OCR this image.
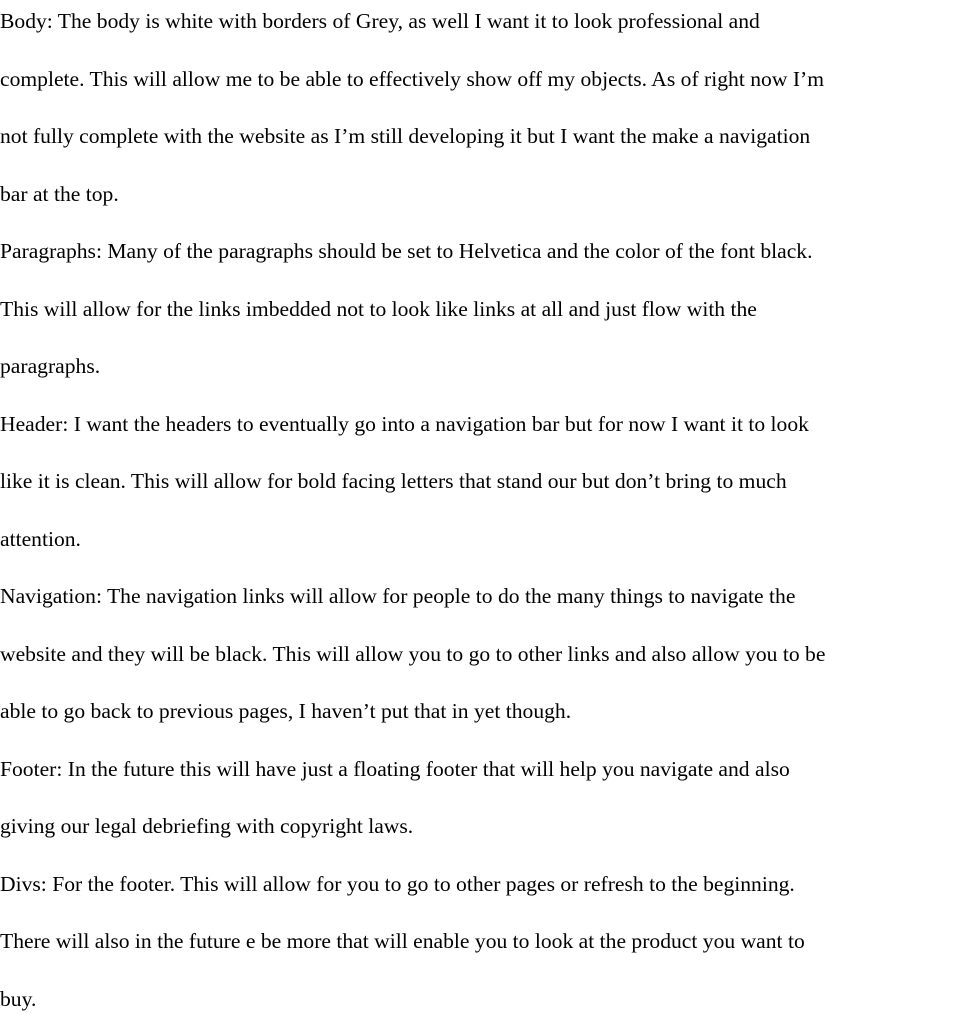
Body: The body is white with borders of Grey, as well I want it to look professional and
complete. This will allow me to be able to effectively show off my objects. As of right now I’m
not fully complete with the website as I’m still developing it but I want the make a navigation
bar at the top.
Paragraphs: Many of the paragraphs should be set to Helvetica and the color of the font black.
This will allow for the links imbedded not to look like links at all and just flow with the
paragraphs.
Header: I want the headers to eventually go into a navigation bar but for now I want it to look
like it is clean. This will allow for bold facing letters that stand our but don’t bring to much
attention.
Navigation: The navigation links will allow for people to do the many things to navigate the
website and they will be black. This will allow you to go to other links and also allow you to be
able to go back to previous pages, I haven’t put that in yet though.
Footer: In the future this will have just a floating footer that will help you navigate and also
giving our legal debriefing with copyright laws.
Divs: For the footer. This will allow for you to go to other pages or refresh to the beginning.
There will also in the future e be more that will enable you to look at the product you want to
buy.
